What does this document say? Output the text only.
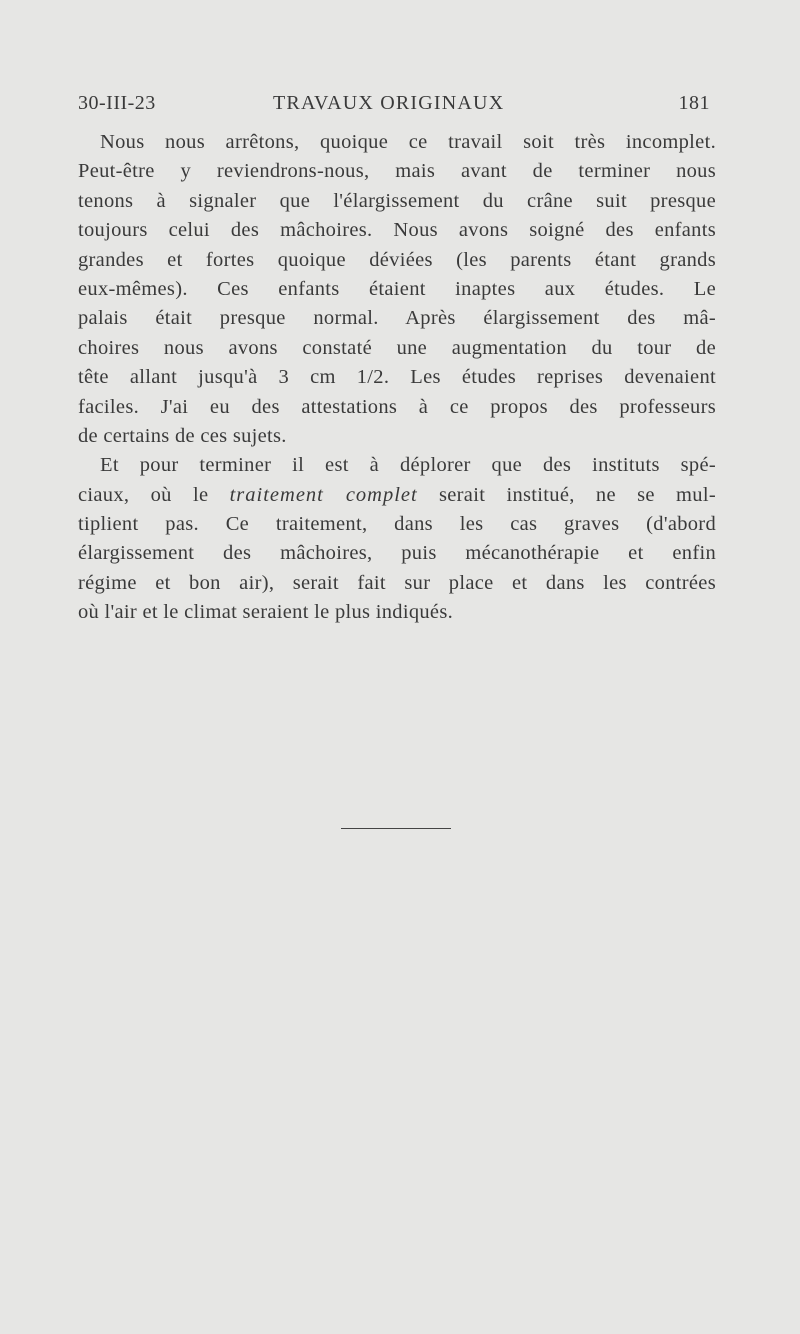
30-III-23	TRAVAUX ORIGINAUX	181
Nous nous arrêtons, quoique ce travail soit très incomplet.
Peut-être y reviendrons-nous, mais avant de terminer nous
tenons à signaler que l'élargissement du crâne suit presque
toujours celui des mâchoires. Nous avons soigné des enfants
grandes et fortes quoique déviées (les parents étant grands
eux-mêmes). Ces enfants étaient inaptes aux études. Le
palais était presque normal. Après élargissement des mâ-
choires nous avons constaté une augmentation du tour de
tête allant jusqu'à 3 cm 1/2. Les études reprises devenaient
faciles. J'ai eu des attestations à ce propos des professeurs
de certains de ces sujets.
Et pour terminer il est à déplorer que des instituts spé-
ciaux, où le traitement complet serait institué, ne se mul-
tiplient pas. Ce traitement, dans les cas graves (d'abord
élargissement des mâchoires, puis mécanothérapie et enfin
régime et bon air), serait fait sur place et dans les contrées
où l'air et le climat seraient le plus indiqués.
